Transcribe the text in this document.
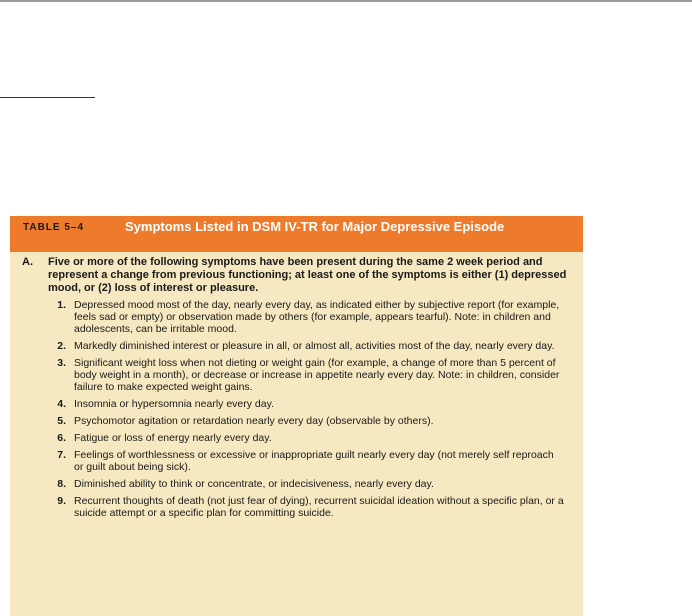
TABLE 5–4	Symptoms Listed in DSM IV-TR for Major Depressive Episode
A. Five or more of the following symptoms have been present during the same 2 week period and represent a change from previous functioning; at least one of the symptoms is either (1) depressed mood, or (2) loss of interest or pleasure.
1. Depressed mood most of the day, nearly every day, as indicated either by subjective report (for example, feels sad or empty) or observation made by others (for example, appears tearful). Note: in children and adolescents, can be irritable mood.
2. Markedly diminished interest or pleasure in all, or almost all, activities most of the day, nearly every day.
3. Significant weight loss when not dieting or weight gain (for example, a change of more than 5 percent of body weight in a month), or decrease or increase in appetite nearly every day. Note: in children, consider failure to make expected weight gains.
4. Insomnia or hypersomnia nearly every day.
5. Psychomotor agitation or retardation nearly every day (observable by others).
6. Fatigue or loss of energy nearly every day.
7. Feelings of worthlessness or excessive or inappropriate guilt nearly every day (not merely self reproach or guilt about being sick).
8. Diminished ability to think or concentrate, or indecisiveness, nearly every day.
9. Recurrent thoughts of death (not just fear of dying), recurrent suicidal ideation without a specific plan, or a suicide attempt or a specific plan for committing suicide.
